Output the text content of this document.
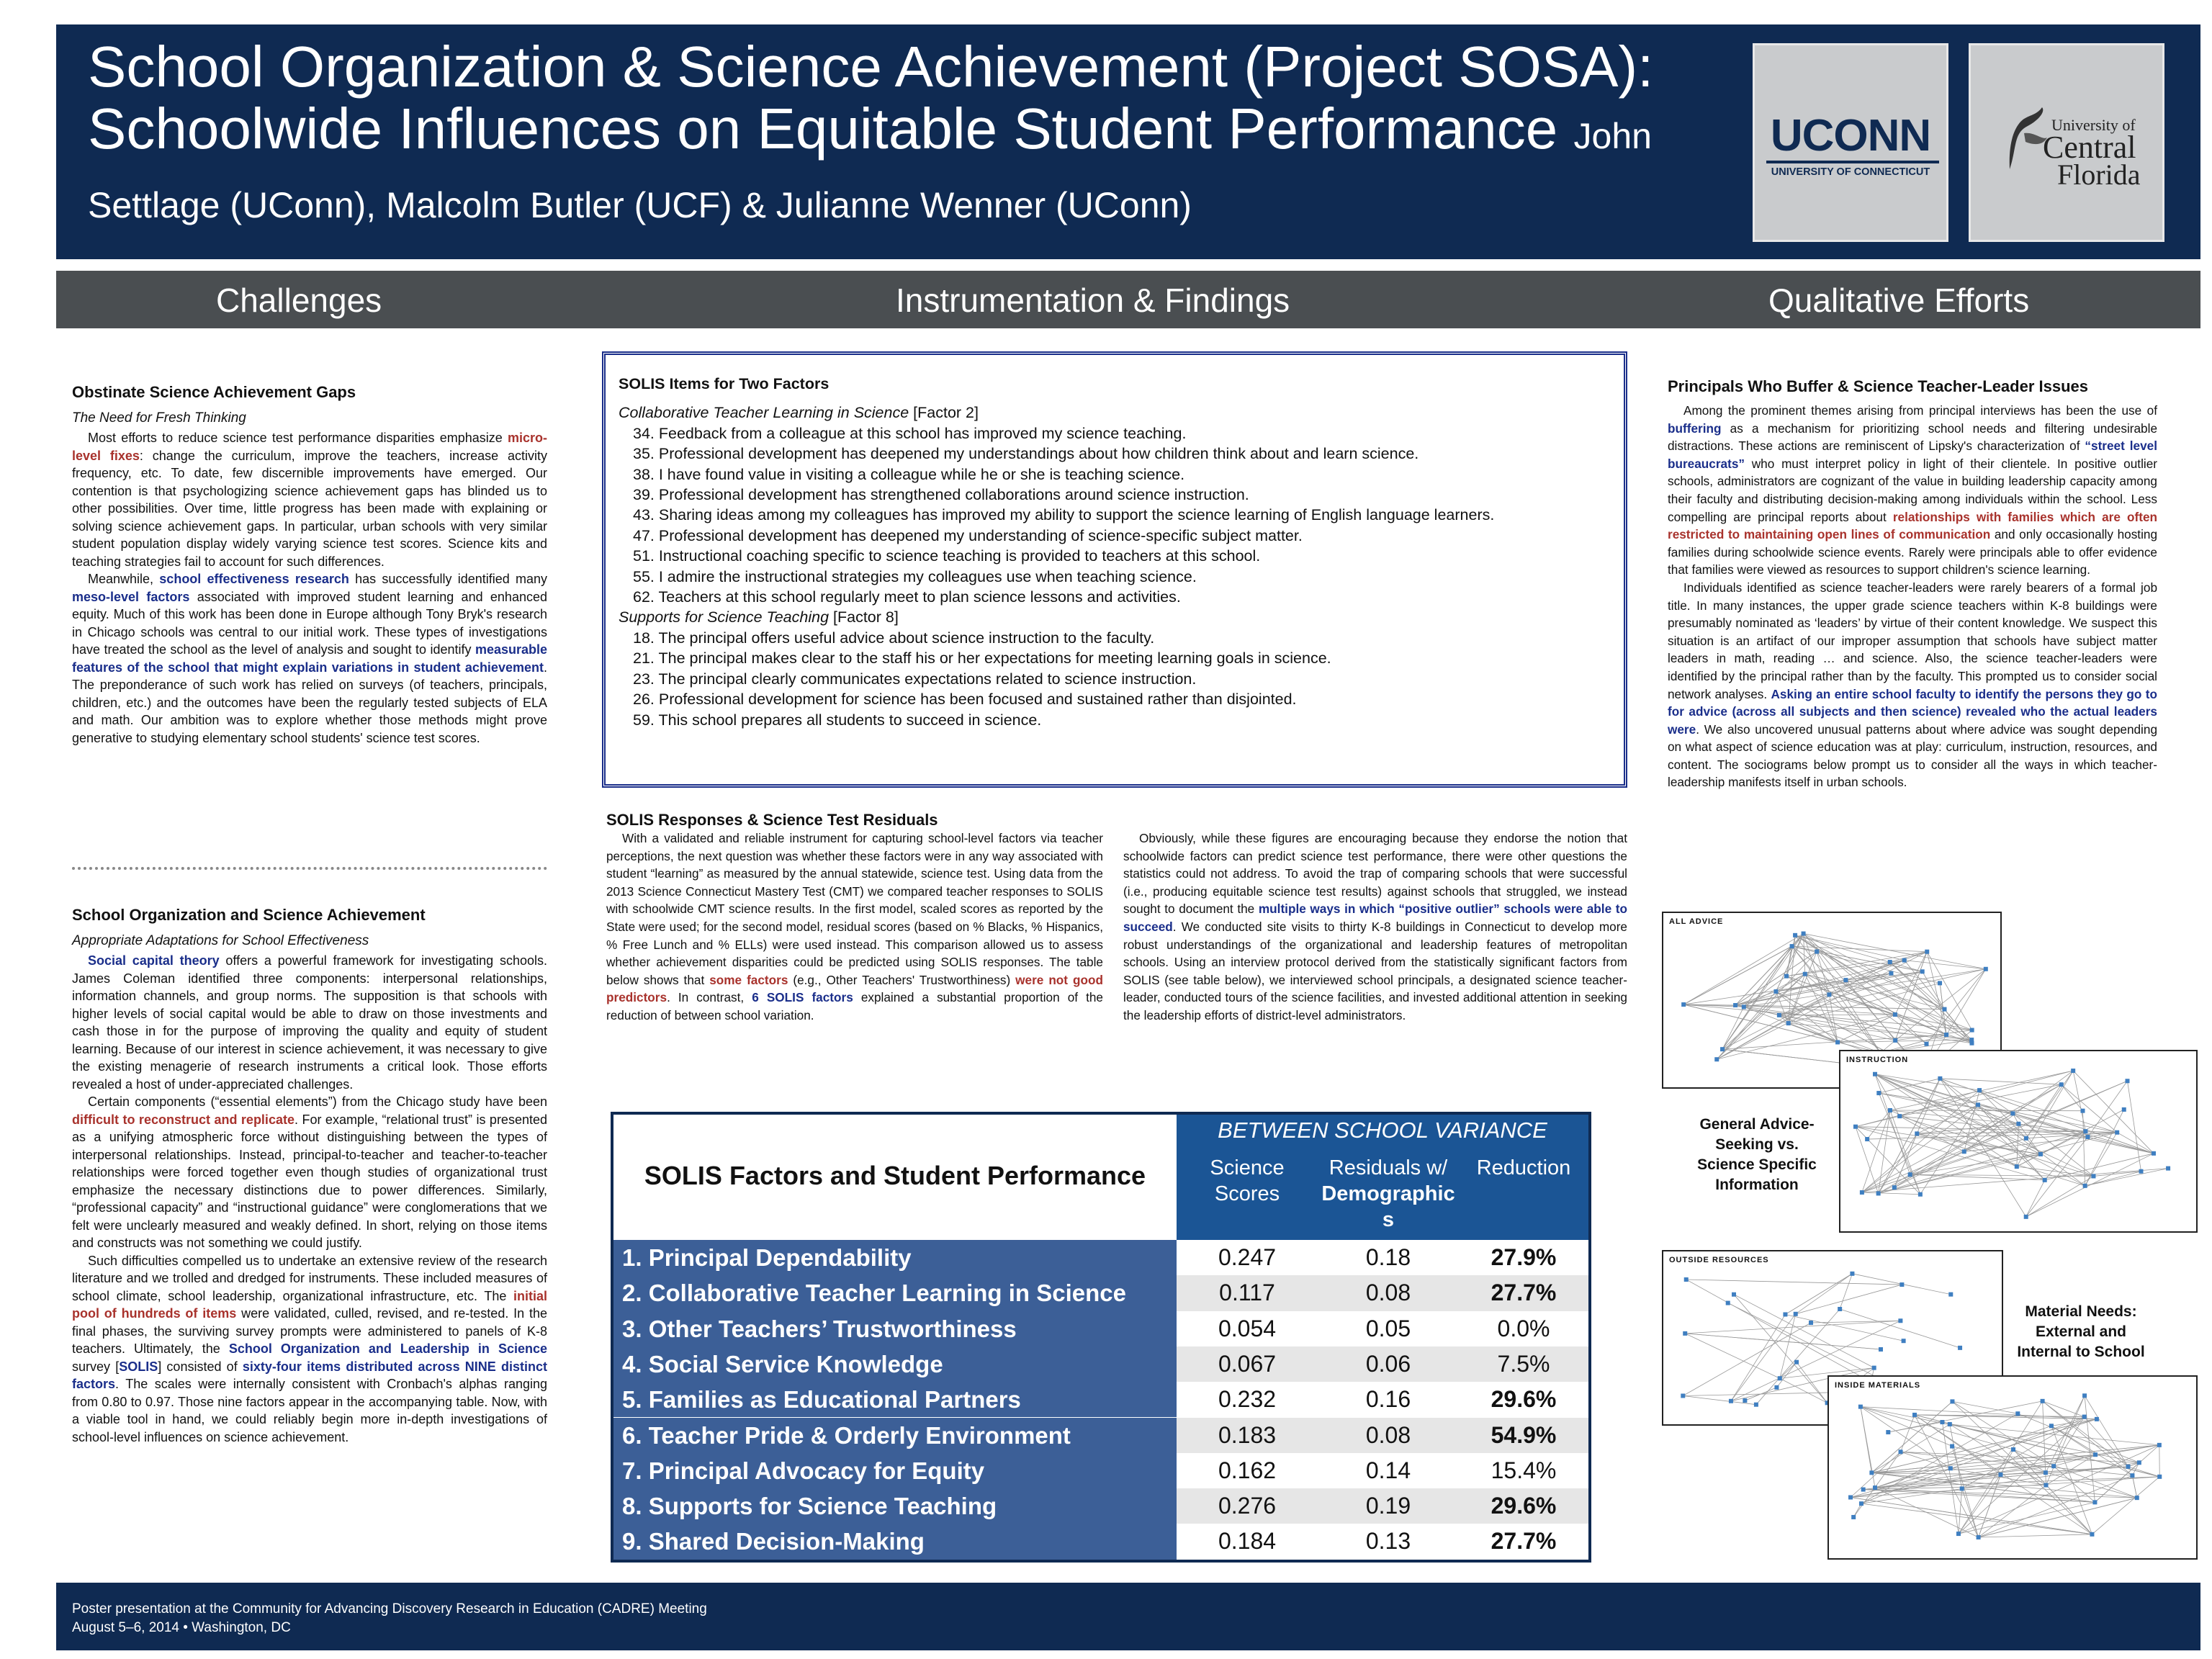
School Organization & Science Achievement (Project SOSA): Schoolwide Influences on Equitable Student Performance John Settlage (UConn), Malcolm Butler (UCF) & Julianne Wenner (UConn)
UCONN
UNIVERSITY OF CONNECTICUT
University of
Central
Florida
Challenges	Instrumentation & Findings	Qualitative Efforts

Obstinate Science Achievement Gaps

The Need for Fresh Thinking

Most efforts to reduce science test performance disparities emphasize micro-level fixes: change the curriculum, improve the teachers, increase activity frequency, etc. To date, few discernible improvements have emerged. Our contention is that psychologizing science achievement gaps has blinded us to other possibilities. Over time, little progress has been made with explaining or solving science achievement gaps. In particular, urban schools with very similar student population display widely varying science test scores. Science kits and teaching strategies fail to account for such differences.

Meanwhile, school effectiveness research has successfully identified many meso-level factors associated with improved student learning and enhanced equity. Much of this work has been done in Europe although Tony Bryk's research in Chicago schools was central to our initial work. These types of investigations have treated the school as the level of analysis and sought to identify measurable features of the school that might explain variations in student achievement. The preponderance of such work has relied on surveys (of teachers, principals, children, etc.) and the outcomes have been the regularly tested subjects of ELA and math. Our ambition was to explore whether those methods might prove generative to studying elementary school students' science test scores.

School Organization and Science Achievement

Appropriate Adaptations for School Effectiveness

Social capital theory offers a powerful framework for investigating schools. James Coleman identified three components: interpersonal relationships, information channels, and group norms. The supposition is that schools with higher levels of social capital would be able to draw on those investments and cash those in for the purpose of improving the quality and equity of student learning. Because of our interest in science achievement, it was necessary to give the existing menagerie of research instruments a critical look. Those efforts revealed a host of under-appreciated challenges.

Certain components (“essential elements”) from the Chicago study have been difficult to reconstruct and replicate. For example, “relational trust” is presented as a unifying atmospheric force without distinguishing between the types of interpersonal relationships. Instead, principal-to-teacher and teacher-to-teacher relationships were forced together even though studies of organizational trust emphasize the necessary distinctions due to power differences. Similarly, “professional capacity” and “instructional guidance” were conglomerations that we felt were unclearly measured and weakly defined. In short, relying on those items and constructs was not something we could justify.

Such difficulties compelled us to undertake an extensive review of the research literature and we trolled and dredged for instruments. These included measures of school climate, school leadership, organizational infrastructure, etc. The initial pool of hundreds of items were validated, culled, revised, and re-tested. In the final phases, the surviving survey prompts were administered to panels of K-8 teachers. Ultimately, the School Organization and Leadership in Science survey [SOLIS] consisted of sixty-four items distributed across NINE distinct factors. The scales were internally consistent with Cronbach's alphas ranging from 0.80 to 0.97. Those nine factors appear in the accompanying table. Now, with a viable tool in hand, we could reliably begin more in-depth investigations of school-level influences on science achievement.

SOLIS Items for Two Factors

Collaborative Teacher Learning in Science [Factor 2]

34. Feedback from a colleague at this school has improved my science teaching.

35. Professional development has deepened my understandings about how children think about and learn science.

38. I have found value in visiting a colleague while he or she is teaching science.

39. Professional development has strengthened collaborations around science instruction.

43. Sharing ideas among my colleagues has improved my ability to support the science learning of English language learners.

47. Professional development has deepened my understanding of science-specific subject matter.

51. Instructional coaching specific to science teaching is provided to teachers at this school.

55. I admire the instructional strategies my colleagues use when teaching science.

62. Teachers at this school regularly meet to plan science lessons and activities.

Supports for Science Teaching [Factor 8]

18. The principal offers useful advice about science instruction to the faculty.

21. The principal makes clear to the staff his or her expectations for meeting learning goals in science.

23. The principal clearly communicates expectations related to science instruction.

26. Professional development for science has been focused and sustained rather than disjointed.

59. This school prepares all students to succeed in science.

SOLIS Responses & Science Test Residuals

With a validated and reliable instrument for capturing school-level factors via teacher perceptions, the next question was whether these factors were in any way associated with student “learning” as measured by the annual statewide, science test. Using data from the 2013 Science Connecticut Mastery Test (CMT) we compared teacher responses to SOLIS with schoolwide CMT science results. In the first model, scaled scores as reported by the State were used; for the second model, residual scores (based on % Blacks, % Hispanics, % Free Lunch and % ELLs) were used instead. This comparison allowed us to assess whether achievement disparities could be predicted using SOLIS responses. The table below shows that some factors (e.g., Other Teachers' Trustworthiness) were not good predictors. In contrast, 6 SOLIS factors explained a substantial proportion of the reduction of between school variation.

Obviously, while these figures are encouraging because they endorse the notion that schoolwide factors can predict science test performance, there were other questions the statistics could not address. To avoid the trap of comparing schools that were successful (i.e., producing equitable science test results) against schools that struggled, we instead sought to document the multiple ways in which “positive outlier” schools were able to succeed. We conducted site visits to thirty K-8 buildings in Connecticut to develop more robust understandings of the organizational and leadership features of metropolitan schools. Using an interview protocol derived from the statistically significant factors from SOLIS (see table below), we interviewed school principals, a designated science teacher-leader, conducted tours of the science facilities, and invested additional attention in seeking the leadership efforts of district-level administrators.

SOLIS Factors and Student Performance
BETWEEN SCHOOL VARIANCE
Science Scores
Residuals w/
Demographic
s
Reduction
1. Principal Dependability	0.247	0.18	27.9%
2. Collaborative Teacher Learning in Science	0.117	0.08	27.7%
3. Other Teachers’ Trustworthiness	0.054	0.05	0.0%
4. Social Service Knowledge	0.067	0.06	7.5%
5. Families as Educational Partners	0.232	0.16	29.6%
6. Teacher Pride & Orderly Environment	0.183	0.08	54.9%
7. Principal Advocacy for Equity	0.162	0.14	15.4%
8. Supports for Science Teaching	0.276	0.19	29.6%
9. Shared Decision-Making	0.184	0.13	27.7%

Principals Who Buffer & Science Teacher-Leader Issues

Among the prominent themes arising from principal interviews has been the use of buffering as a mechanism for prioritizing school needs and filtering undesirable distractions. These actions are reminiscent of Lipsky's characterization of “street level bureaucrats” who must interpret policy in light of their clientele. In positive outlier schools, administrators are cognizant of the value in building leadership capacity among their faculty and distributing decision-making among individuals within the school. Less compelling are principal reports about relationships with families which are often restricted to maintaining open lines of communication and only occasionally hosting families during schoolwide science events. Rarely were principals able to offer evidence that families were viewed as resources to support children's science learning.

Individuals identified as science teacher-leaders were rarely bearers of a formal job title. In many instances, the upper grade science teachers within K-8 buildings were presumably nominated as ‘leaders’ by virtue of their content knowledge. We suspect this situation is an artifact of our improper assumption that schools have subject matter leaders in math, reading … and science. Also, the science teacher-leaders were identified by the principal rather than by the faculty. This prompted us to consider social network analyses. Asking an entire school faculty to identify the persons they go to for advice (across all subjects and then science) revealed who the actual leaders were. We also uncovered unusual patterns about where advice was sought depending on what aspect of science education was at play: curriculum, instruction, resources, and content. The sociograms below prompt us to consider all the ways in which teacher-leadership manifests itself in urban schools.

ALL ADVICE
INSTRUCTION
OUTSIDE RESOURCES
INSIDE MATERIALS
General Advice-
Seeking vs.
Science Specific
Information
Material Needs:
External and
Internal to School
Poster presentation at the Community for Advancing Discovery Research in Education (CADRE) Meeting
August 5–6, 2014 • Washington, DC
